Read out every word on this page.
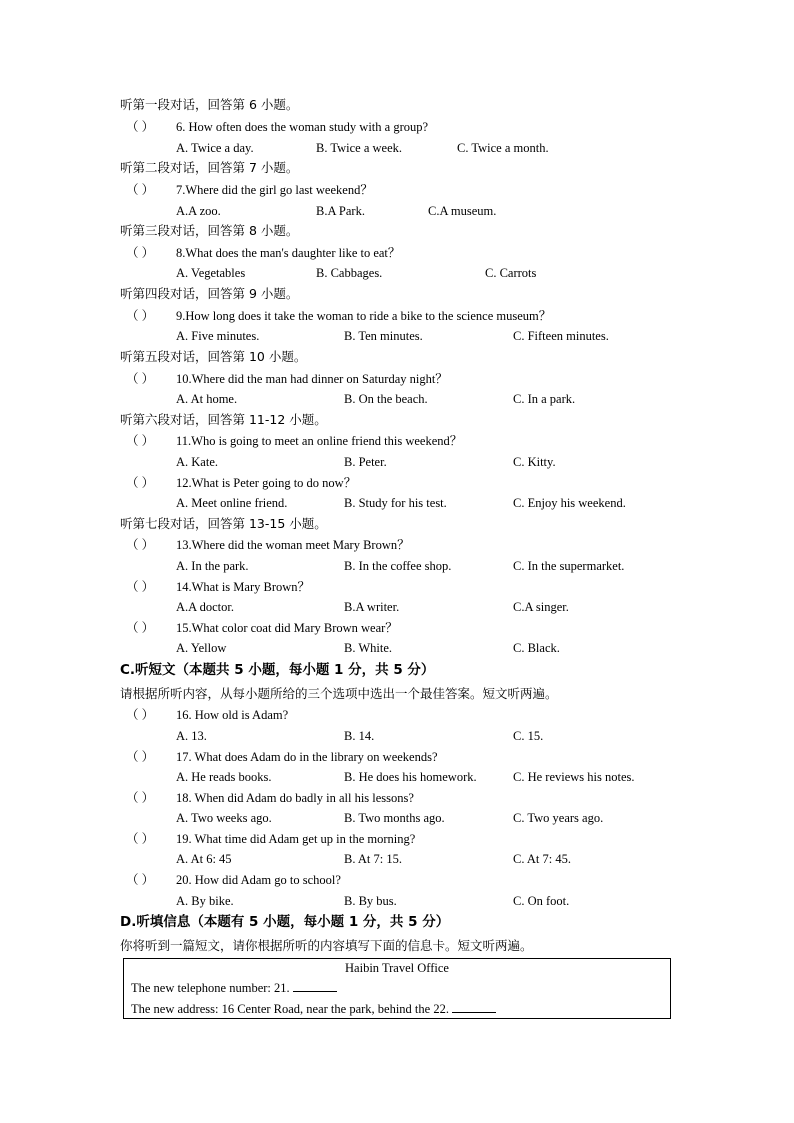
听第一段对话，回答第 6 小题。
（ ） 6. How often does the woman study with a group?
A. Twice a day.	B. Twice a week.	C. Twice a month.
听第二段对话，回答第 7 小题。
（ ） 7.Where did the girl go last weekend？
A.A zoo.	B.A Park.	C.A museum.
听第三段对话，回答第 8 小题。
（ ） 8.What does the man's daughter like to eat？
A. Vegetables	B. Cabbages.	C. Carrots
听第四段对话，回答第 9 小题。
（ ） 9.How long does it take the woman to ride a bike to the science museum？
A. Five minutes.	B. Ten minutes.	C. Fifteen minutes.
听第五段对话，回答第 10 小题。
（ ） 10.Where did the man had dinner on Saturday night？
A. At home.	B. On the beach.	C. In a park.
听第六段对话，回答第 11-12 小题。
（ ） 11.Who is going to meet an online friend this weekend？
A. Kate.	B. Peter.	C. Kitty.
（ ） 12.What is Peter going to do now？
A. Meet online friend.	B. Study for his test.	C. Enjoy his weekend.
听第七段对话，回答第 13-15 小题。
（ ） 13.Where did the woman meet Mary Brown？
A. In the park.	B. In the coffee shop.	C. In the supermarket.
（ ） 14.What is Mary Brown？
A.A doctor.	B.A writer.	C.A singer.
（ ） 15.What color coat did Mary Brown wear？
A. Yellow	B. White.	C. Black.
C.听短文（本题共 5 小题，每小题 1 分，共 5 分）
请根据所听内容，从每小题所给的三个选项中选出一个最佳答案。短文听两遍。
（ ） 16. How old is Adam?
A. 13.	B. 14.	C. 15.
（ ） 17. What does Adam do in the library on weekends?
A. He reads books.	B. He does his homework.	C. He reviews his notes.
（ ） 18. When did Adam do badly in all his lessons?
A. Two weeks ago.	B. Two months ago.	C. Two years ago.
（ ） 19. What time did Adam get up in the morning?
A. At 6: 45	B. At 7: 15.	C. At 7: 45.
（ ） 20. How did Adam go to school?
A. By bike.	B. By bus.	C. On foot.
D.听填信息（本题有 5 小题，每小题 1 分，共 5 分）
你将听到一篇短文，请你根据所听的内容填写下面的信息卡。短文听两遍。
Haibin Travel Office
The new telephone number: 21.
The new address: 16 Center Road, near the park, behind the 22.
